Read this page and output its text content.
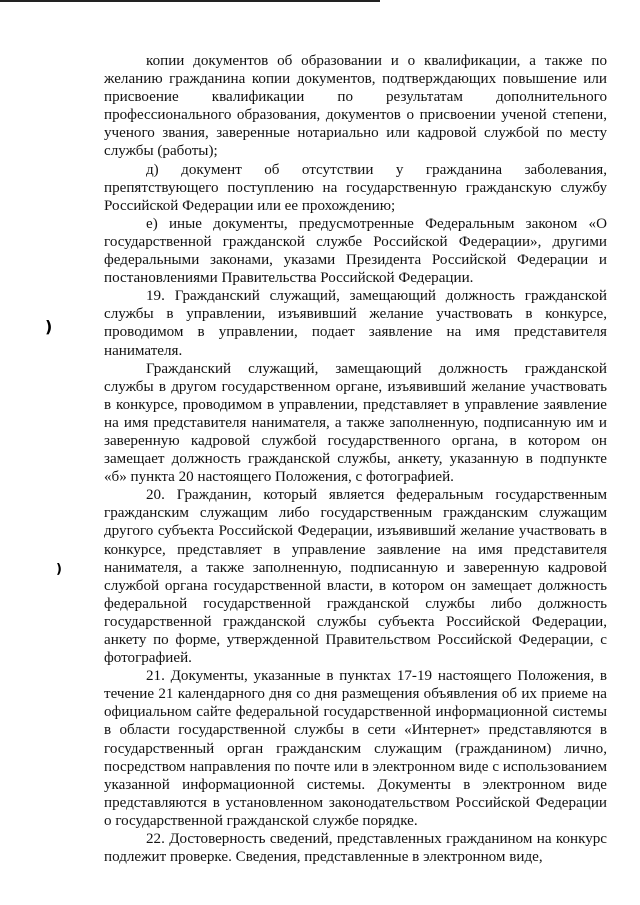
)
)

копии документов об образовании и о квалификации, а также по желанию гражданина копии документов, подтверждающих повышение или присвоение квалификации по результатам дополнительного профессионального образования, документов о присвоении ученой степени, ученого звания, заверенные нотариально или кадровой службой по месту службы (работы);

д) документ об отсутствии у гражданина заболевания, препятствующего поступлению на государственную гражданскую службу Российской Федерации или ее прохождению;

е) иные документы, предусмотренные Федеральным законом «О государственной гражданской службе Российской Федерации», другими федеральными законами, указами Президента Российской Федерации и постановлениями Правительства Российской Федерации.

19. Гражданский служащий, замещающий должность гражданской службы в управлении, изъявивший желание участвовать в конкурсе, проводимом в управлении, подает заявление на имя представителя нанимателя.

Гражданский служащий, замещающий должность гражданской службы в другом государственном органе, изъявивший желание участвовать в конкурсе, проводимом в управлении, представляет в управление заявление на имя представителя нанимателя, а также заполненную, подписанную им и заверенную кадровой службой государственного органа, в котором он замещает должность гражданской службы, анкету, указанную в подпункте «б» пункта 20 настоящего Положения, с фотографией.

20. Гражданин, который является федеральным государственным гражданским служащим либо государственным гражданским служащим другого субъекта Российской Федерации, изъявивший желание участвовать в конкурсе, представляет в управление заявление на имя представителя нанимателя, а также заполненную, подписанную и заверенную кадровой службой органа государственной власти, в котором он замещает должность федеральной государственной гражданской службы либо должность государственной гражданской службы субъекта Российской Федерации, анкету по форме, утвержденной Правительством Российской Федерации, с фотографией.

21. Документы, указанные в пунктах 17-19 настоящего Положения, в течение 21 календарного дня со дня размещения объявления об их приеме на официальном сайте федеральной государственной информационной системы в области государственной службы в сети «Интернет» представляются в государственный орган гражданским служащим (гражданином) лично, посредством направления по почте или в электронном виде с использованием указанной информационной системы. Документы в электронном виде представляются в установленном законодательством Российской Федерации о государственной гражданской службе порядке.

22. Достоверность сведений, представленных гражданином на конкурс подлежит проверке. Сведения, представленные в электронном виде,
